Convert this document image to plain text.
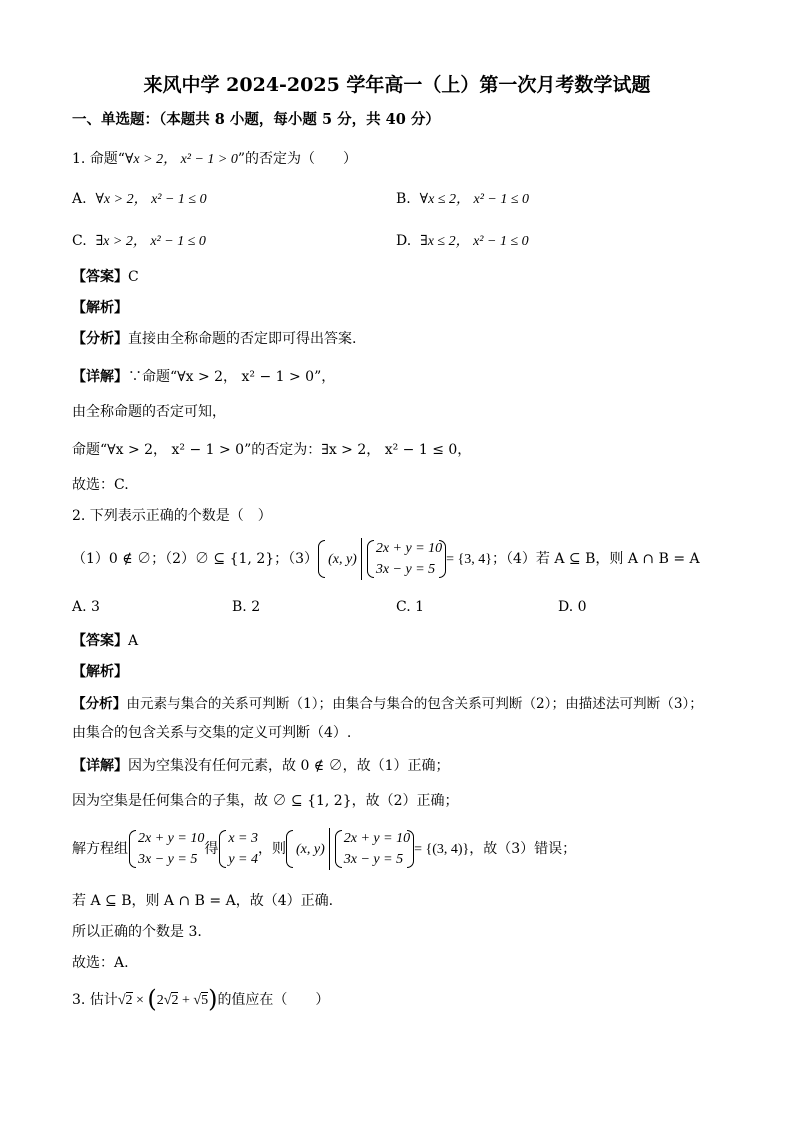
来风中学 2024-2025 学年高一（上）第一次月考数学试题
一、单选题：（本题共 8 小题，每小题 5 分，共 40 分）
1. 命题“∀x > 2， x² − 1 > 0”的否定为（　　）
A. ∀x > 2， x² − 1 ≤ 0	B. ∀x ≤ 2， x² − 1 ≤ 0
C. ∃x > 2， x² − 1 ≤ 0	D. ∃x ≤ 2， x² − 1 ≤ 0
【答案】C
【解析】
【分析】直接由全称命题的否定即可得出答案.
【详解】∵命题“∀x > 2， x² − 1 > 0”，
由全称命题的否定可知，
命题“∀x > 2， x² − 1 > 0”的否定为：∃x > 2， x² − 1 ≤ 0，
故选：C.
2. 下列表示正确的个数是（　）
（1）0 ∉ ∅；（2）∅ ⊆ {1, 2}；（3） (x, y)2x + y = 10
3x − y = 5= {3, 4}；（4）若 A ⊆ B，则 A ∩ B = A
A. 3	B. 2	C. 1	D. 0
【答案】A
【解析】
【分析】由元素与集合的关系可判断（1）；由集合与集合的包含关系可判断（2）；由描述法可判断（3）；
由集合的包含关系与交集的定义可判断（4）.
【详解】因为空集没有任何元素，故 0 ∉ ∅，故（1）正确；
因为空集是任何集合的子集，故 ∅ ⊆ {1, 2}，故（2）正确；
解方程组2x + y = 10
3x − y = 5得x = 3
y = 4，则 (x, y)2x + y = 10
3x − y = 5= {(3, 4)}，故（3）错误；
若 A ⊆ B，则 A ∩ B = A，故（4）正确.
所以正确的个数是 3.
故选：A.
3. 估计√2 × (2√2 + √5)的值应在（　　）
